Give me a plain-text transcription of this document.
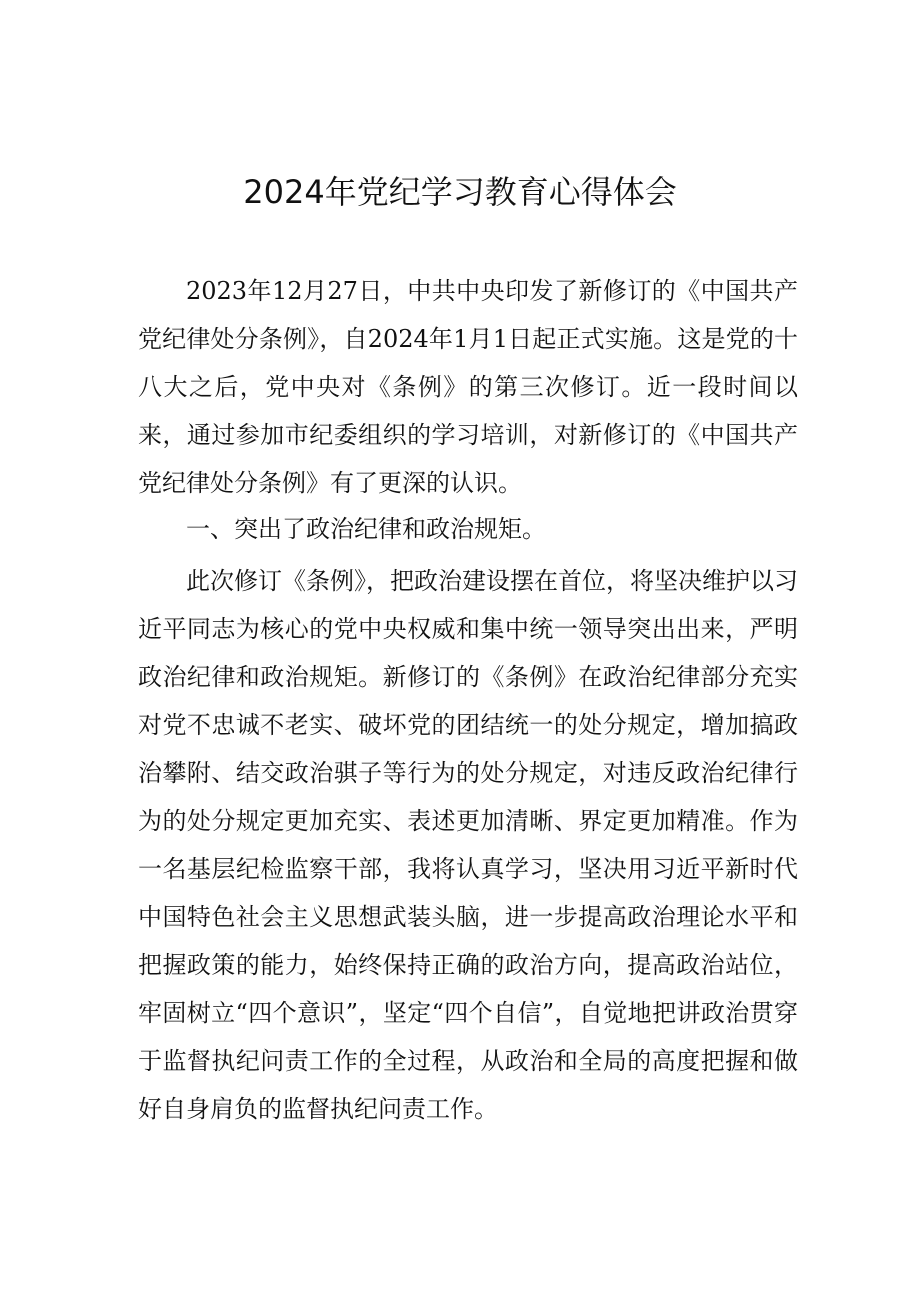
2024年党纪学习教育心得体会

2023年12月27日，中共中央印发了新修订的《中国共产党纪律处分条例》，自2024年1月1日起正式实施。这是党的十八大之后，党中央对《条例》的第三次修订。近一段时间以来，通过参加市纪委组织的学习培训，对新修订的《中国共产党纪律处分条例》有了更深的认识。

一、突出了政治纪律和政治规矩。

此次修订《条例》，把政治建设摆在首位，将坚决维护以习近平同志为核心的党中央权威和集中统一领导突出出来，严明政治纪律和政治规矩。新修订的《条例》在政治纪律部分充实对党不忠诚不老实、破坏党的团结统一的处分规定，增加搞政治攀附、结交政治骐子等行为的处分规定，对违反政治纪律行为的处分规定更加充实、表述更加清晰、界定更加精准。作为一名基层纪检监察干部，我将认真学习，坚决用习近平新时代中国特色社会主义思想武装头脑，进一步提高政治理论水平和把握政策的能力，始终保持正确的政治方向，提高政治站位，牢固树立“四个意识”，坚定“四个自信”，自觉地把讲政治贯穿于监督执纪问责工作的全过程，从政治和全局的高度把握和做好自身肩负的监督执纪问责工作。
